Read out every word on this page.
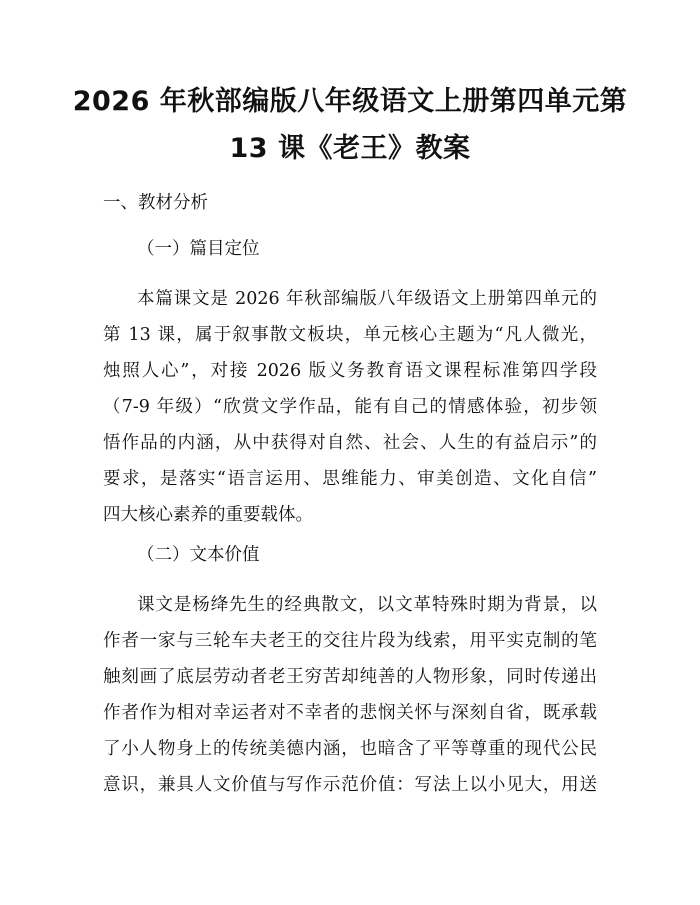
2026 年秋部编版八年级语文上册第四单元第
13 课《老王》教案

一、教材分析

（一）篇目定位

本篇课文是 2026 年秋部编版八年级语文上册第四单元的
第 13 课，属于叙事散文板块，单元核心主题为“凡人微光，
烛照人心”，对接 2026 版义务教育语文课程标准第四学段
（7-9 年级）“欣赏文学作品，能有自己的情感体验，初步领
悟作品的内涵，从中获得对自然、社会、人生的有益启示”的
要求，是落实“语言运用、思维能力、审美创造、文化自信”
四大核心素养的重要载体。

（二）文本价值

课文是杨绛先生的经典散文，以文革特殊时期为背景，以
作者一家与三轮车夫老王的交往片段为线索，用平实克制的笔
触刻画了底层劳动者老王穷苦却纯善的人物形象，同时传递出
作者作为相对幸运者对不幸者的悲悯关怀与深刻自省，既承载
了小人物身上的传统美德内涵，也暗含了平等尊重的现代公民
意识，兼具人文价值与写作示范价值：写法上以小见大，用送
